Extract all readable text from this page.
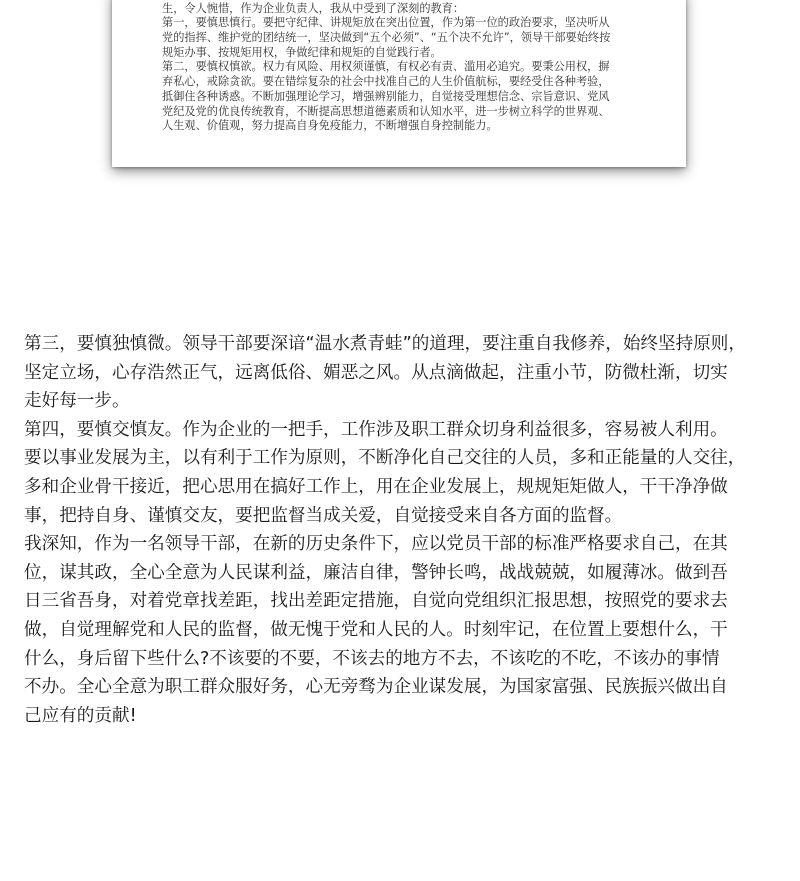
生，令人惋惜，作为企业负责人，我从中受到了深刻的教育：
第一，要慎思慎行。要把守纪律、讲规矩放在突出位置，作为第一位的政治要求，坚决听从
党的指挥、维护党的团结统一，坚决做到“五个必须”、“五个决不允许”，领导干部要始终按
规矩办事、按规矩用权，争做纪律和规矩的自觉践行者。
第二，要慎权慎欲。权力有风险、用权须谨慎，有权必有责、滥用必追究。要秉公用权，摒
弃私心，戒除贪欲。要在错综复杂的社会中找准自己的人生价值航标，要经受住各种考验，
抵御住各种诱惑。不断加强理论学习，增强辨别能力，自觉接受理想信念、宗旨意识、党风
党纪及党的优良传统教育，不断提高思想道德素质和认知水平，进一步树立科学的世界观、
人生观、价值观，努力提高自身免疫能力，不断增强自身控制能力。
第三，要慎独慎微。领导干部要深谙“温水煮青蛙”的道理，要注重自我修养，始终坚持原则，
坚定立场，心存浩然正气，远离低俗、媚恶之风。从点滴做起，注重小节，防微杜渐，切实
走好每一步。
第四，要慎交慎友。作为企业的一把手，工作涉及职工群众切身利益很多，容易被人利用。
要以事业发展为主，以有利于工作为原则，不断净化自己交往的人员，多和正能量的人交往，
多和企业骨干接近，把心思用在搞好工作上，用在企业发展上，规规矩矩做人，干干净净做
事，把持自身、谨慎交友，要把监督当成关爱，自觉接受来自各方面的监督。
我深知，作为一名领导干部，在新的历史条件下，应以党员干部的标准严格要求自己，在其
位，谋其政，全心全意为人民谋利益，廉洁自律，警钟长鸣，战战兢兢，如履薄冰。做到吾
日三省吾身，对着党章找差距，找出差距定措施，自觉向党组织汇报思想，按照党的要求去
做，自觉理解党和人民的监督，做无愧于党和人民的人。时刻牢记，在位置上要想什么，干
什么，身后留下些什么?不该要的不要，不该去的地方不去，不该吃的不吃，不该办的事情
不办。全心全意为职工群众服好务，心无旁骛为企业谋发展，为国家富强、民族振兴做出自
己应有的贡献!
